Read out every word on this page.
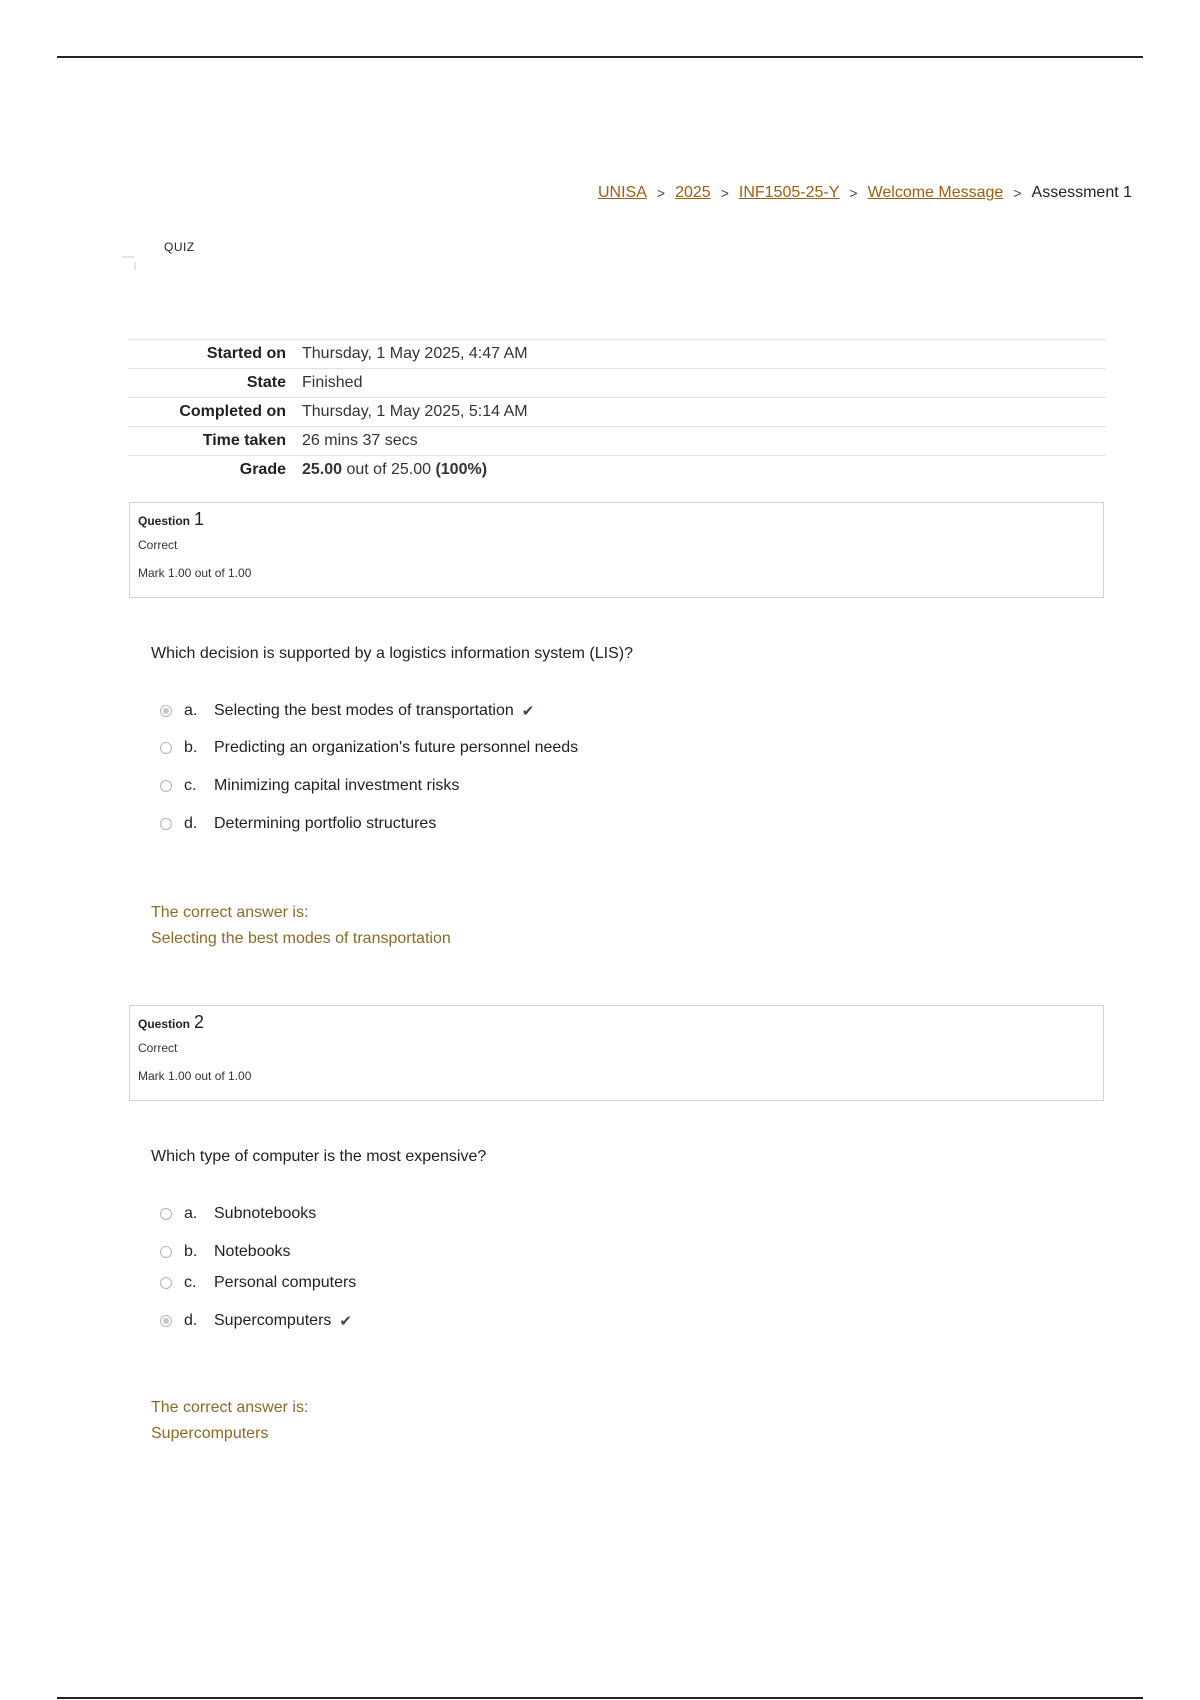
UNISA > 2025 > INF1505-25-Y > Welcome Message > Assessment 1
QUIZ
Started on	Thursday, 1 May 2025, 4:47 AM
State	Finished
Completed on	Thursday, 1 May 2025, 5:14 AM
Time taken	26 mins 37 secs
Grade	25.00 out of 25.00 (100%)
Question 1
Correct
Mark 1.00 out of 1.00
Which decision is supported by a logistics information system (LIS)?
a.	Selecting the best modes of transportation ✔
b.	Predicting an organization's future personnel needs
c.	Minimizing capital investment risks
d.	Determining portfolio structures
The correct answer is:
Selecting the best modes of transportation
Question 2
Correct
Mark 1.00 out of 1.00
Which type of computer is the most expensive?
a.	Subnotebooks
b.	Notebooks
c.	Personal computers
d.	Supercomputers ✔
The correct answer is:
Supercomputers
